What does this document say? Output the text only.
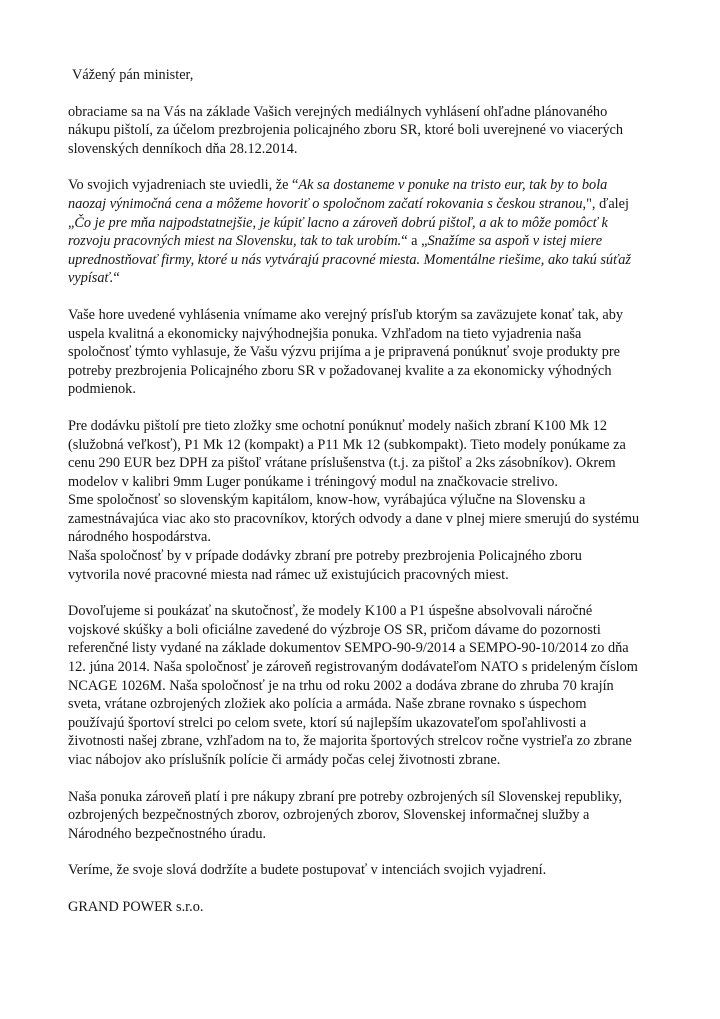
Vážený pán minister,

obraciame sa na Vás na základe Vašich verejných mediálnych vyhlásení ohľadne plánovaného
nákupu pištolí, za účelom prezbrojenia policajného zboru SR, ktoré boli uverejnené vo viacerých
slovenských denníkoch dňa 28.12.2014.

Vo svojich vyjadreniach ste uviedli, že “Ak sa dostaneme v ponuke na tristo eur, tak by to bola
naozaj výnimočná cena a môžeme hovoriť o spoločnom začatí rokovania s českou stranou,", ďalej
„Čo je pre mňa najpodstatnejšie, je kúpiť lacno a zároveň dobrú pištoľ, a ak to môže pomôcť k
rozvoju pracovných miest na Slovensku, tak to tak urobím.“ a „Snažíme sa aspoň v istej miere
uprednostňovať firmy, ktoré u nás vytvárajú pracovné miesta. Momentálne riešime, ako takú súťaž
vypísať.“

Vaše hore uvedené vyhlásenia vnímame ako verejný prísľub ktorým sa zaväzujete konať tak, aby
uspela kvalitná a ekonomicky najvýhodnejšia ponuka. Vzhľadom na tieto vyjadrenia naša
spoločnosť týmto vyhlasuje, že Vašu výzvu prijíma a je pripravená ponúknuť svoje produkty pre
potreby prezbrojenia Policajného zboru SR v požadovanej kvalite a za ekonomicky výhodných
podmienok.

Pre dodávku pištolí pre tieto zložky sme ochotní ponúknuť modely našich zbraní K100 Mk 12
(služobná veľkosť), P1 Mk 12 (kompakt) a P11 Mk 12 (subkompakt). Tieto modely ponúkame za
cenu 290 EUR bez DPH za pištoľ vrátane príslušenstva (t.j. za pištoľ a 2ks zásobníkov). Okrem
modelov v kalibri 9mm Luger ponúkame i tréningový modul na značkovacie strelivo.
Sme spoločnosť so slovenským kapitálom, know-how, vyrábajúca výlučne na Slovensku a
zamestnávajúca viac ako sto pracovníkov, ktorých odvody a dane v plnej miere smerujú do systému
národného hospodárstva.
Naša spoločnosť by v prípade dodávky zbraní pre potreby prezbrojenia Policajného zboru
vytvorila nové pracovné miesta nad rámec už existujúcich pracovných miest.

Dovoľujeme si poukázať na skutočnosť, že modely K100 a P1 úspešne absolvovali náročné
vojskové skúšky a boli oficiálne zavedené do výzbroje OS SR, pričom dávame do pozornosti
referenčné listy vydané na základe dokumentov SEMPO-90-9/2014 a SEMPO-90-10/2014 zo dňa
12. júna 2014. Naša spoločnosť je zároveň registrovaným dodávateľom NATO s prideleným číslom
NCAGE 1026M. Naša spoločnosť je na trhu od roku 2002 a dodáva zbrane do zhruba 70 krajín
sveta, vrátane ozbrojených zložiek ako polícia a armáda. Naše zbrane rovnako s úspechom
používajú športoví strelci po celom svete, ktorí sú najlepším ukazovateľom spoľahlivosti a
životnosti našej zbrane, vzhľadom na to, že majorita športových strelcov ročne vystrieľa zo zbrane
viac nábojov ako príslušník polície či armády počas celej životnosti zbrane.

Naša ponuka zároveň platí i pre nákupy zbraní pre potreby ozbrojených síl Slovenskej republiky,
ozbrojených bezpečnostných zborov, ozbrojených zborov, Slovenskej informačnej služby a
Národného bezpečnostného úradu.

Veríme, že svoje slová dodržíte a budete postupovať v intenciách svojich vyjadrení.

GRAND POWER s.r.o.
